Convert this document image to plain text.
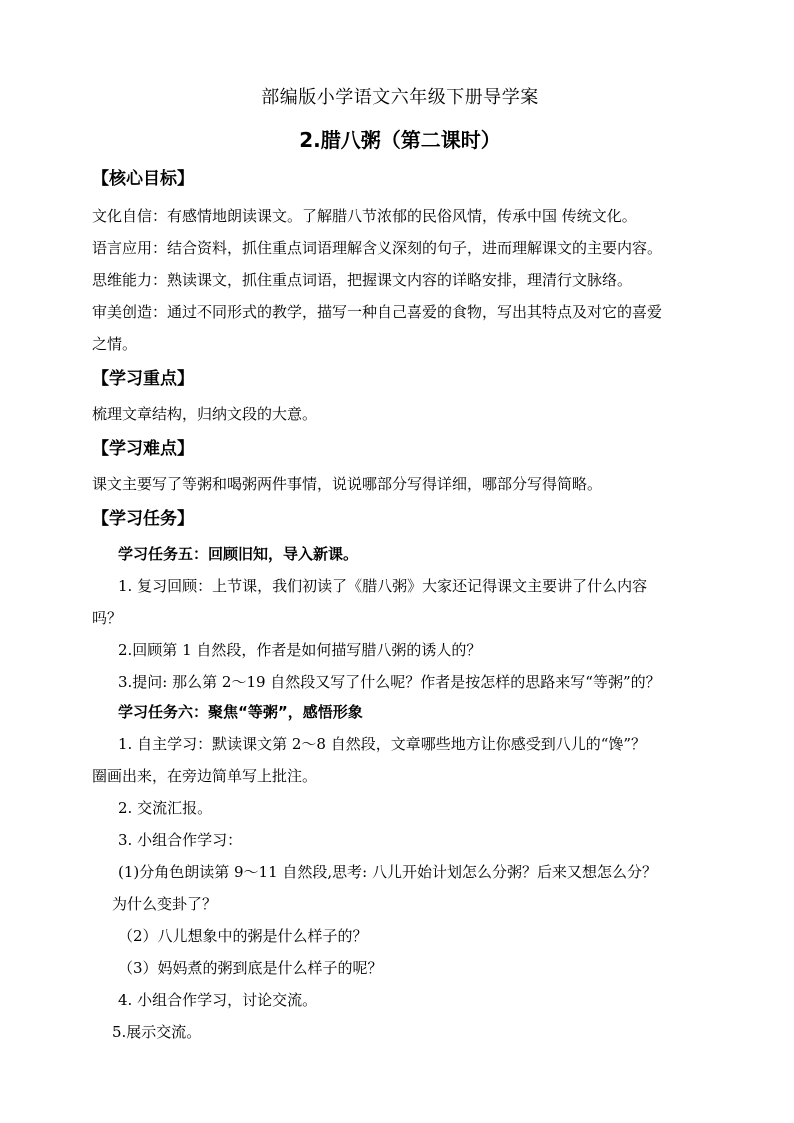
部编版小学语文六年级下册导学案

2.腊八粥（第二课时）

【核心目标】

文化自信：有感情地朗读课文。了解腊八节浓郁的民俗风情，传承中国 传统文化。

语言应用：结合资料，抓住重点词语理解含义深刻的句子，进而理解课文的主要内容。

思维能力：熟读课文，抓住重点词语，把握课文内容的详略安排，理清行文脉络。

审美创造：通过不同形式的教学，描写一种自己喜爱的食物，写出其特点及对它的喜爱

之情。

【学习重点】

梳理文章结构，归纳文段的大意。

【学习难点】

课文主要写了等粥和喝粥两件事情，说说哪部分写得详细，哪部分写得简略。

【学习任务】

学习任务五：回顾旧知，导入新课。

1. 复习回顾：上节课，我们初读了《腊八粥》大家还记得课文主要讲了什么内容

吗？

2.回顾第 1 自然段，作者是如何描写腊八粥的诱人的？

3.提问: 那么第 2～19 自然段又写了什么呢？作者是按怎样的思路来写“等粥”的？

学习任务六：聚焦“等粥”，感悟形象

1. 自主学习：默读课文第 2～8 自然段，文章哪些地方让你感受到八儿的“馋”？

圈画出来，在旁边简单写上批注。

2. 交流汇报。

3. 小组合作学习：

(1)分角色朗读第 9～11 自然段,思考: 八儿开始计划怎么分粥？后来又想怎么分？

为什么变卦了？

（2）八儿想象中的粥是什么样子的？

（3）妈妈煮的粥到底是什么样子的呢？

4. 小组合作学习，讨论交流。

5.展示交流。
